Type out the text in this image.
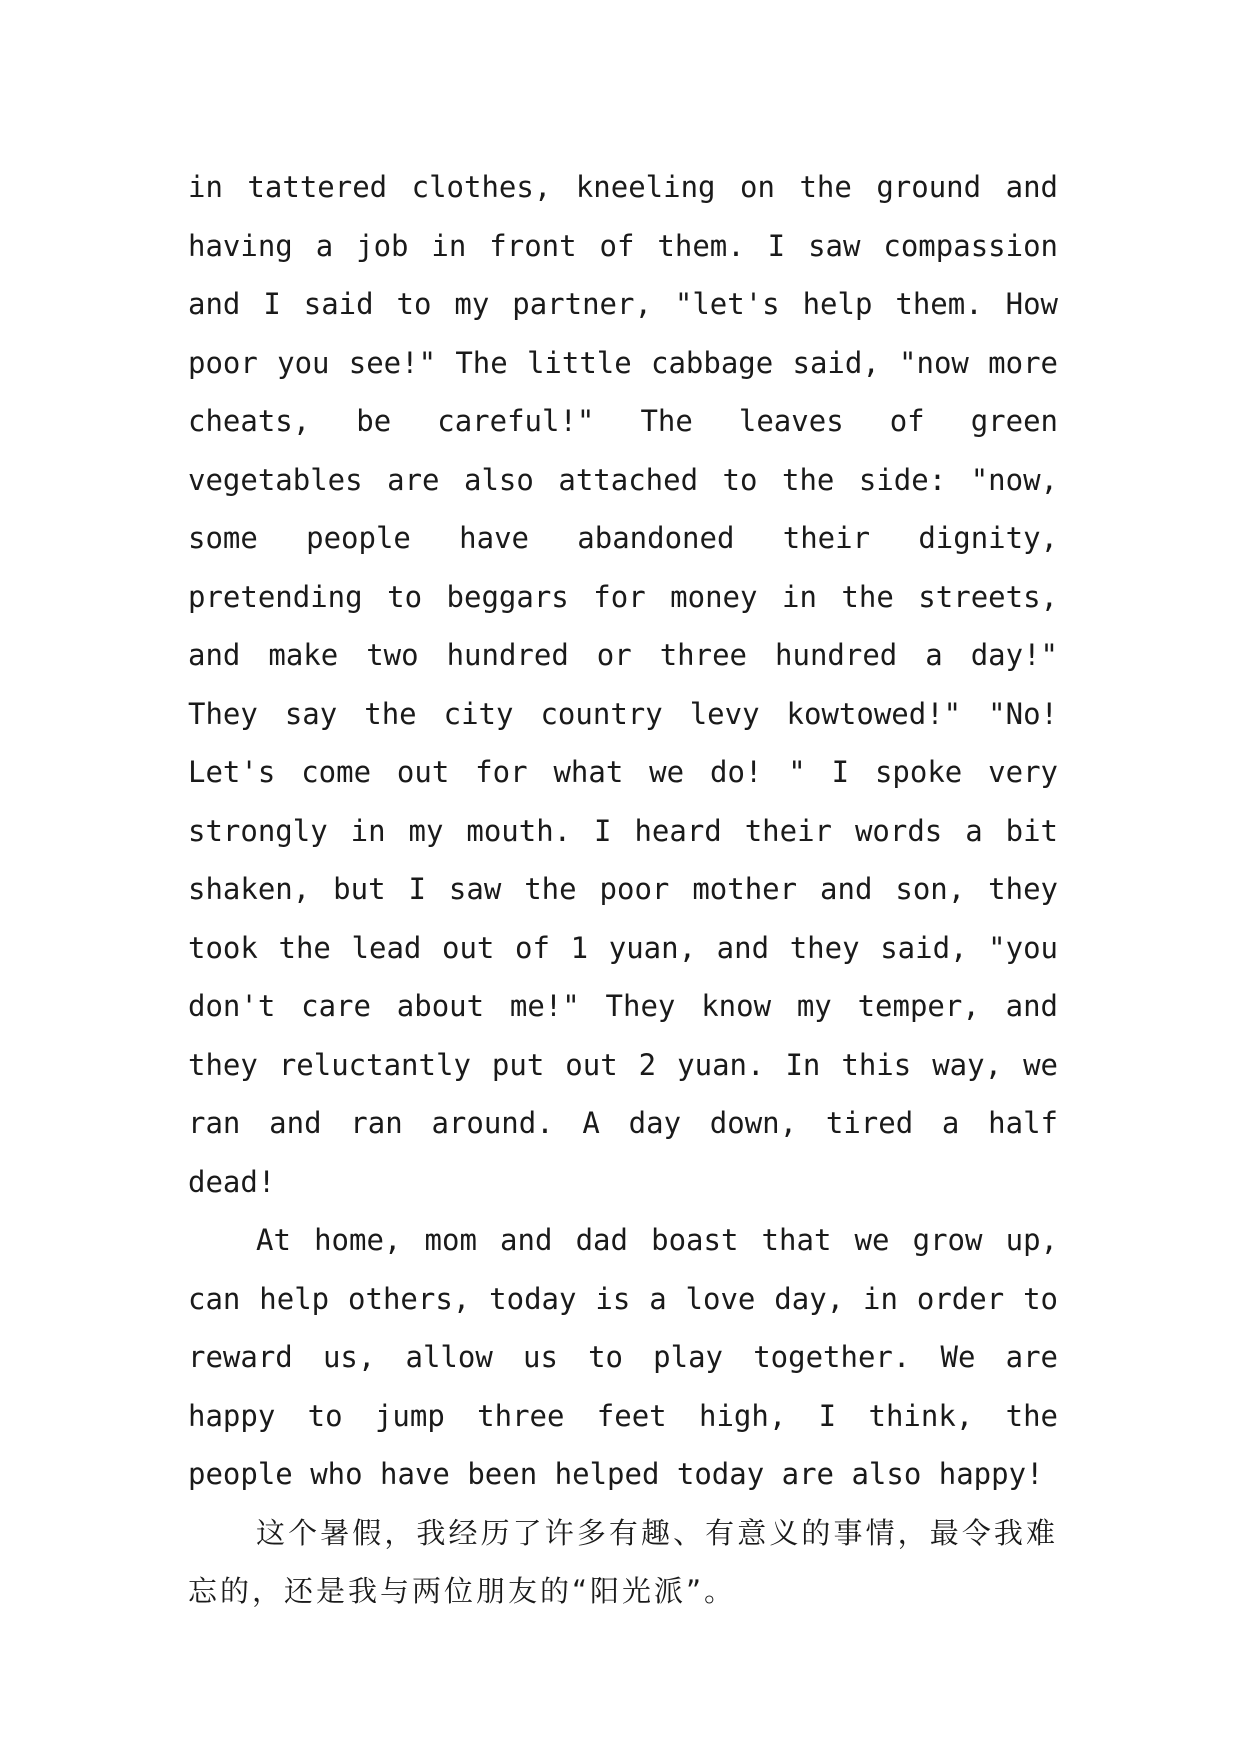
in tattered clothes, kneeling on the ground and having a job in front of them. I saw compassion and I said to my partner, "let's help them. How poor you see!" The little cabbage said, "now more cheats, be careful!" The leaves of green vegetables are also attached to the side: "now, some people have abandoned their dignity, pretending to beggars for money in the streets, and make two hundred or three hundred a day!" They say the city country levy kowtowed!" "No! Let's come out for what we do! " I spoke very strongly in my mouth. I heard their words a bit shaken, but I saw the poor mother and son, they took the lead out of 1 yuan, and they said, "you don't care about me!" They know my temper, and they reluctantly put out 2 yuan. In this way, we ran and ran around. A day down, tired a half dead!

At home, mom and dad boast that we grow up, can help others, today is a love day, in order to reward us, allow us to play together. We are happy to jump three feet high, I think, the people who have been helped today are also happy!

这个暑假，我经历了许多有趣、有意义的事情，最令我难忘的，还是我与两位朋友的“阳光派”。
